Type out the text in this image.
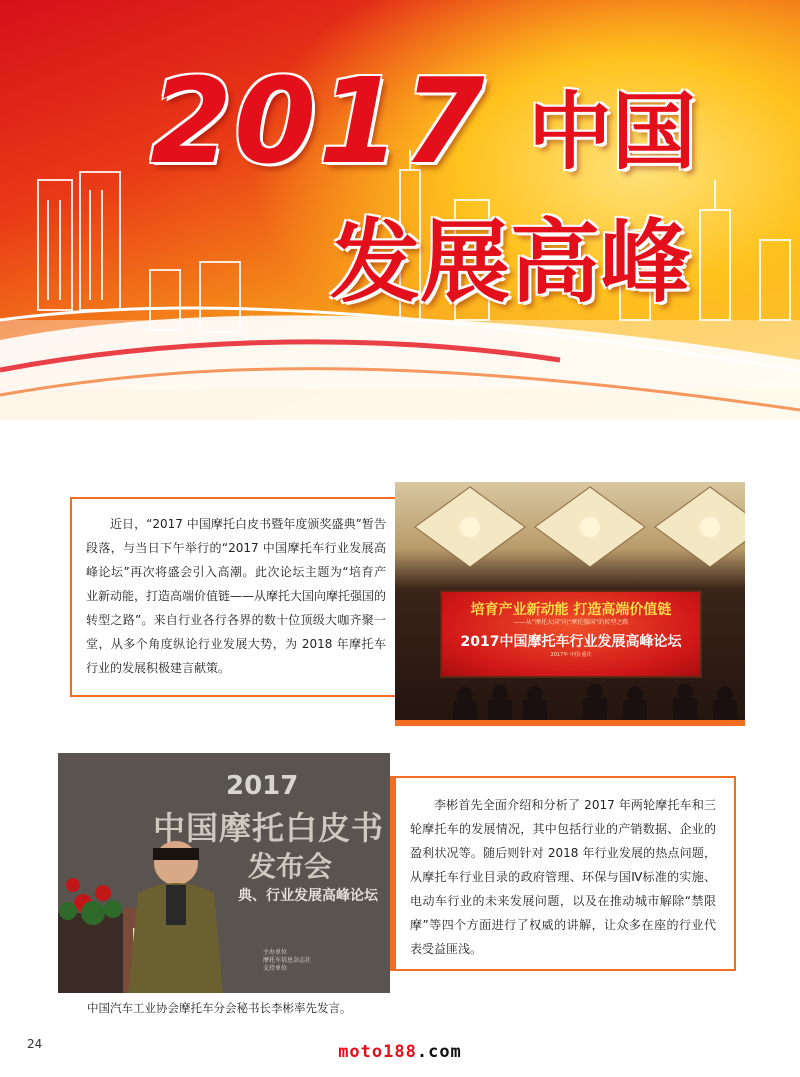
2017 中国
发展高峰

近日，“2017 中国摩托白皮书暨年度颁奖盛典”暂告段落，与当日下午举行的“2017 中国摩托车行业发展高峰论坛”再次将盛会引入高潮。此次论坛主题为“培育产业新动能，打造高端价值链——从摩托大国向摩托强国的转型之路”。来自行业各行各界的数十位顶级大咖齐聚一堂，从多个角度纵论行业发展大势，为 2018 年摩托车行业的发展积极建言献策。

培育产业新动能 打造高端价值链
——从“摩托大国”向“摩托强国”的转型之路
2017中国摩托车行业发展高峰论坛
2017年 中国·重庆
2017
中国摩托白皮书
发布会
典、行业发展高峰论坛
主办单位
摩托车信息杂志社
支持单位

李彬首先全面介绍和分析了 2017 年两轮摩托车和三轮摩托车的发展情况，其中包括行业的产销数据、企业的盈利状况等。随后则针对 2018 年行业发展的热点问题，从摩托车行业目录的政府管理、环保与国Ⅳ标准的实施、电动车行业的未来发展问题，以及在推动城市解除“禁限摩”等四个方面进行了权威的讲解，让众多在座的行业代表受益匪浅。

中国汽车工业协会摩托车分会秘书长李彬率先发言。
24	moto188.com
